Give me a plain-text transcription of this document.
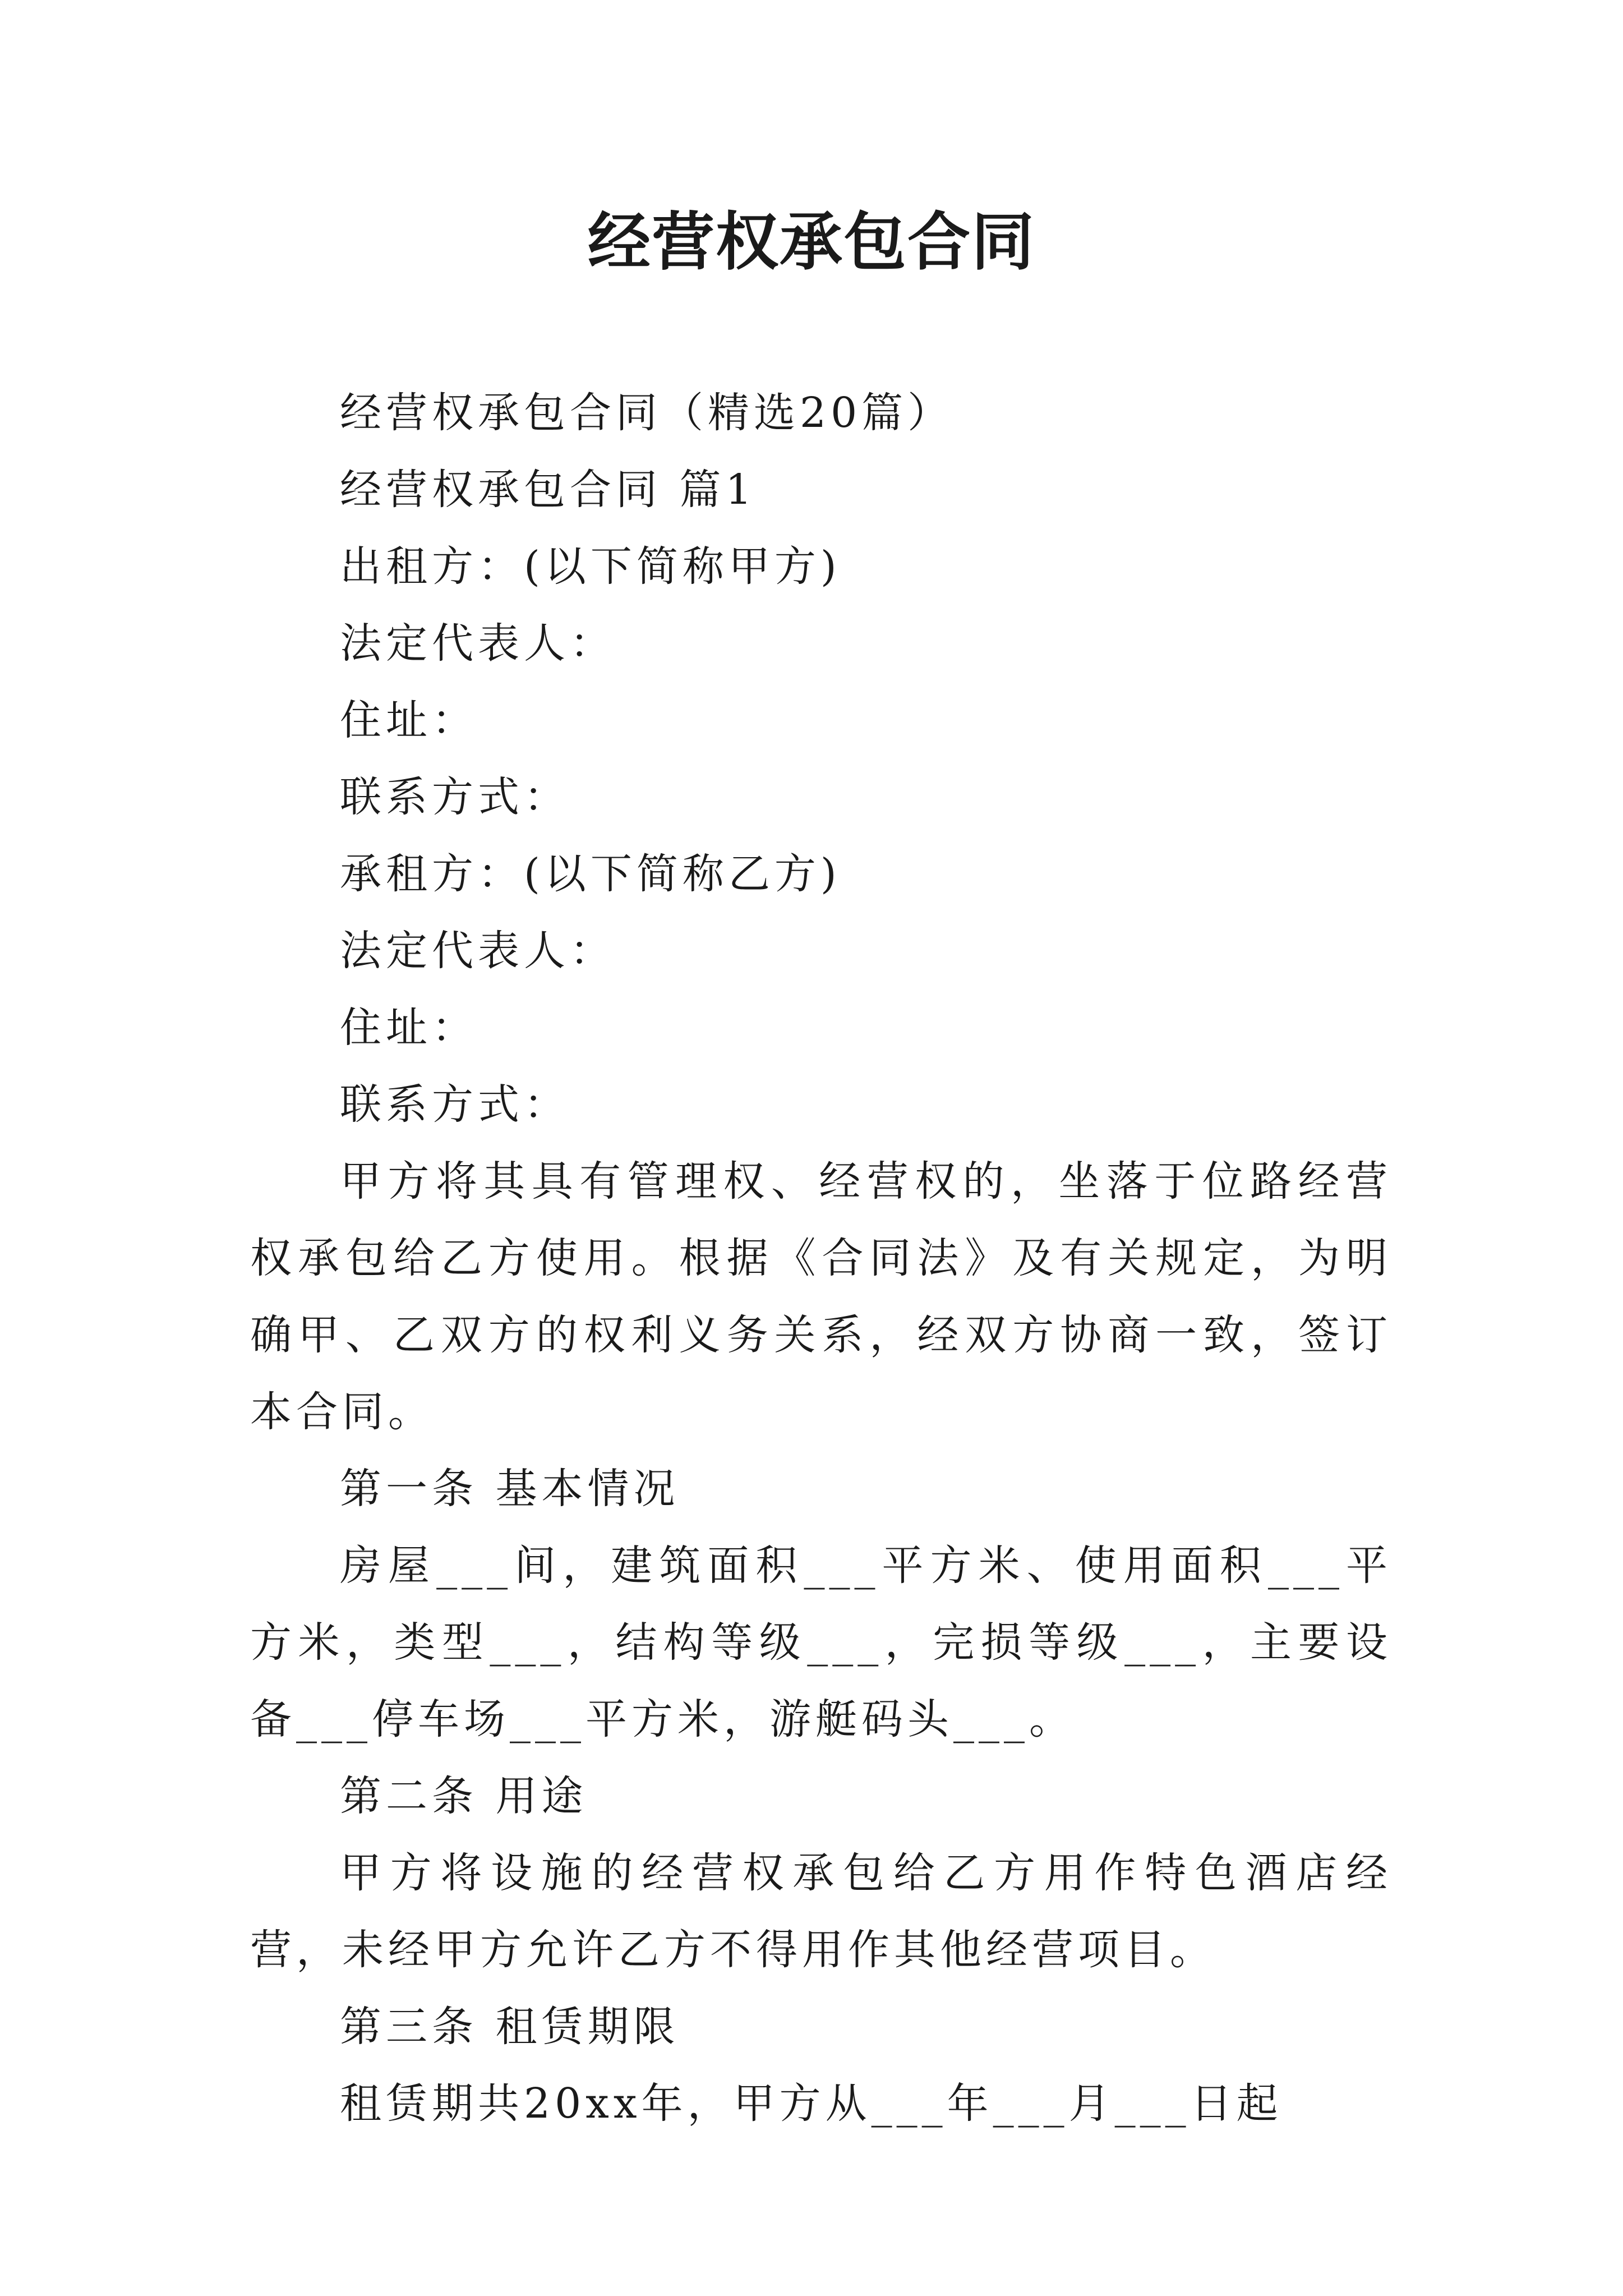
经营权承包合同

经营权承包合同（精选20篇）

经营权承包合同 篇1

出租方：(以下简称甲方)

法定代表人：

住址：

联系方式：

承租方：(以下简称乙方)

法定代表人：

住址：

联系方式：

甲方将其具有管理权、经营权的，坐落于位路经营权承包给乙方使用。根据《合同法》及有关规定，为明确甲、乙双方的权利义务关系，经双方协商一致，签订本合同。

第一条 基本情况

房屋___间，建筑面积___平方米、使用面积___平方米，类型___，结构等级___，完损等级___，主要设备___停车场___平方米，游艇码头___。

第二条 用途

甲方将设施的经营权承包给乙方用作特色酒店经营，未经甲方允许乙方不得用作其他经营项目。

第三条 租赁期限

租赁期共20xx年，甲方从___年___月___日起
